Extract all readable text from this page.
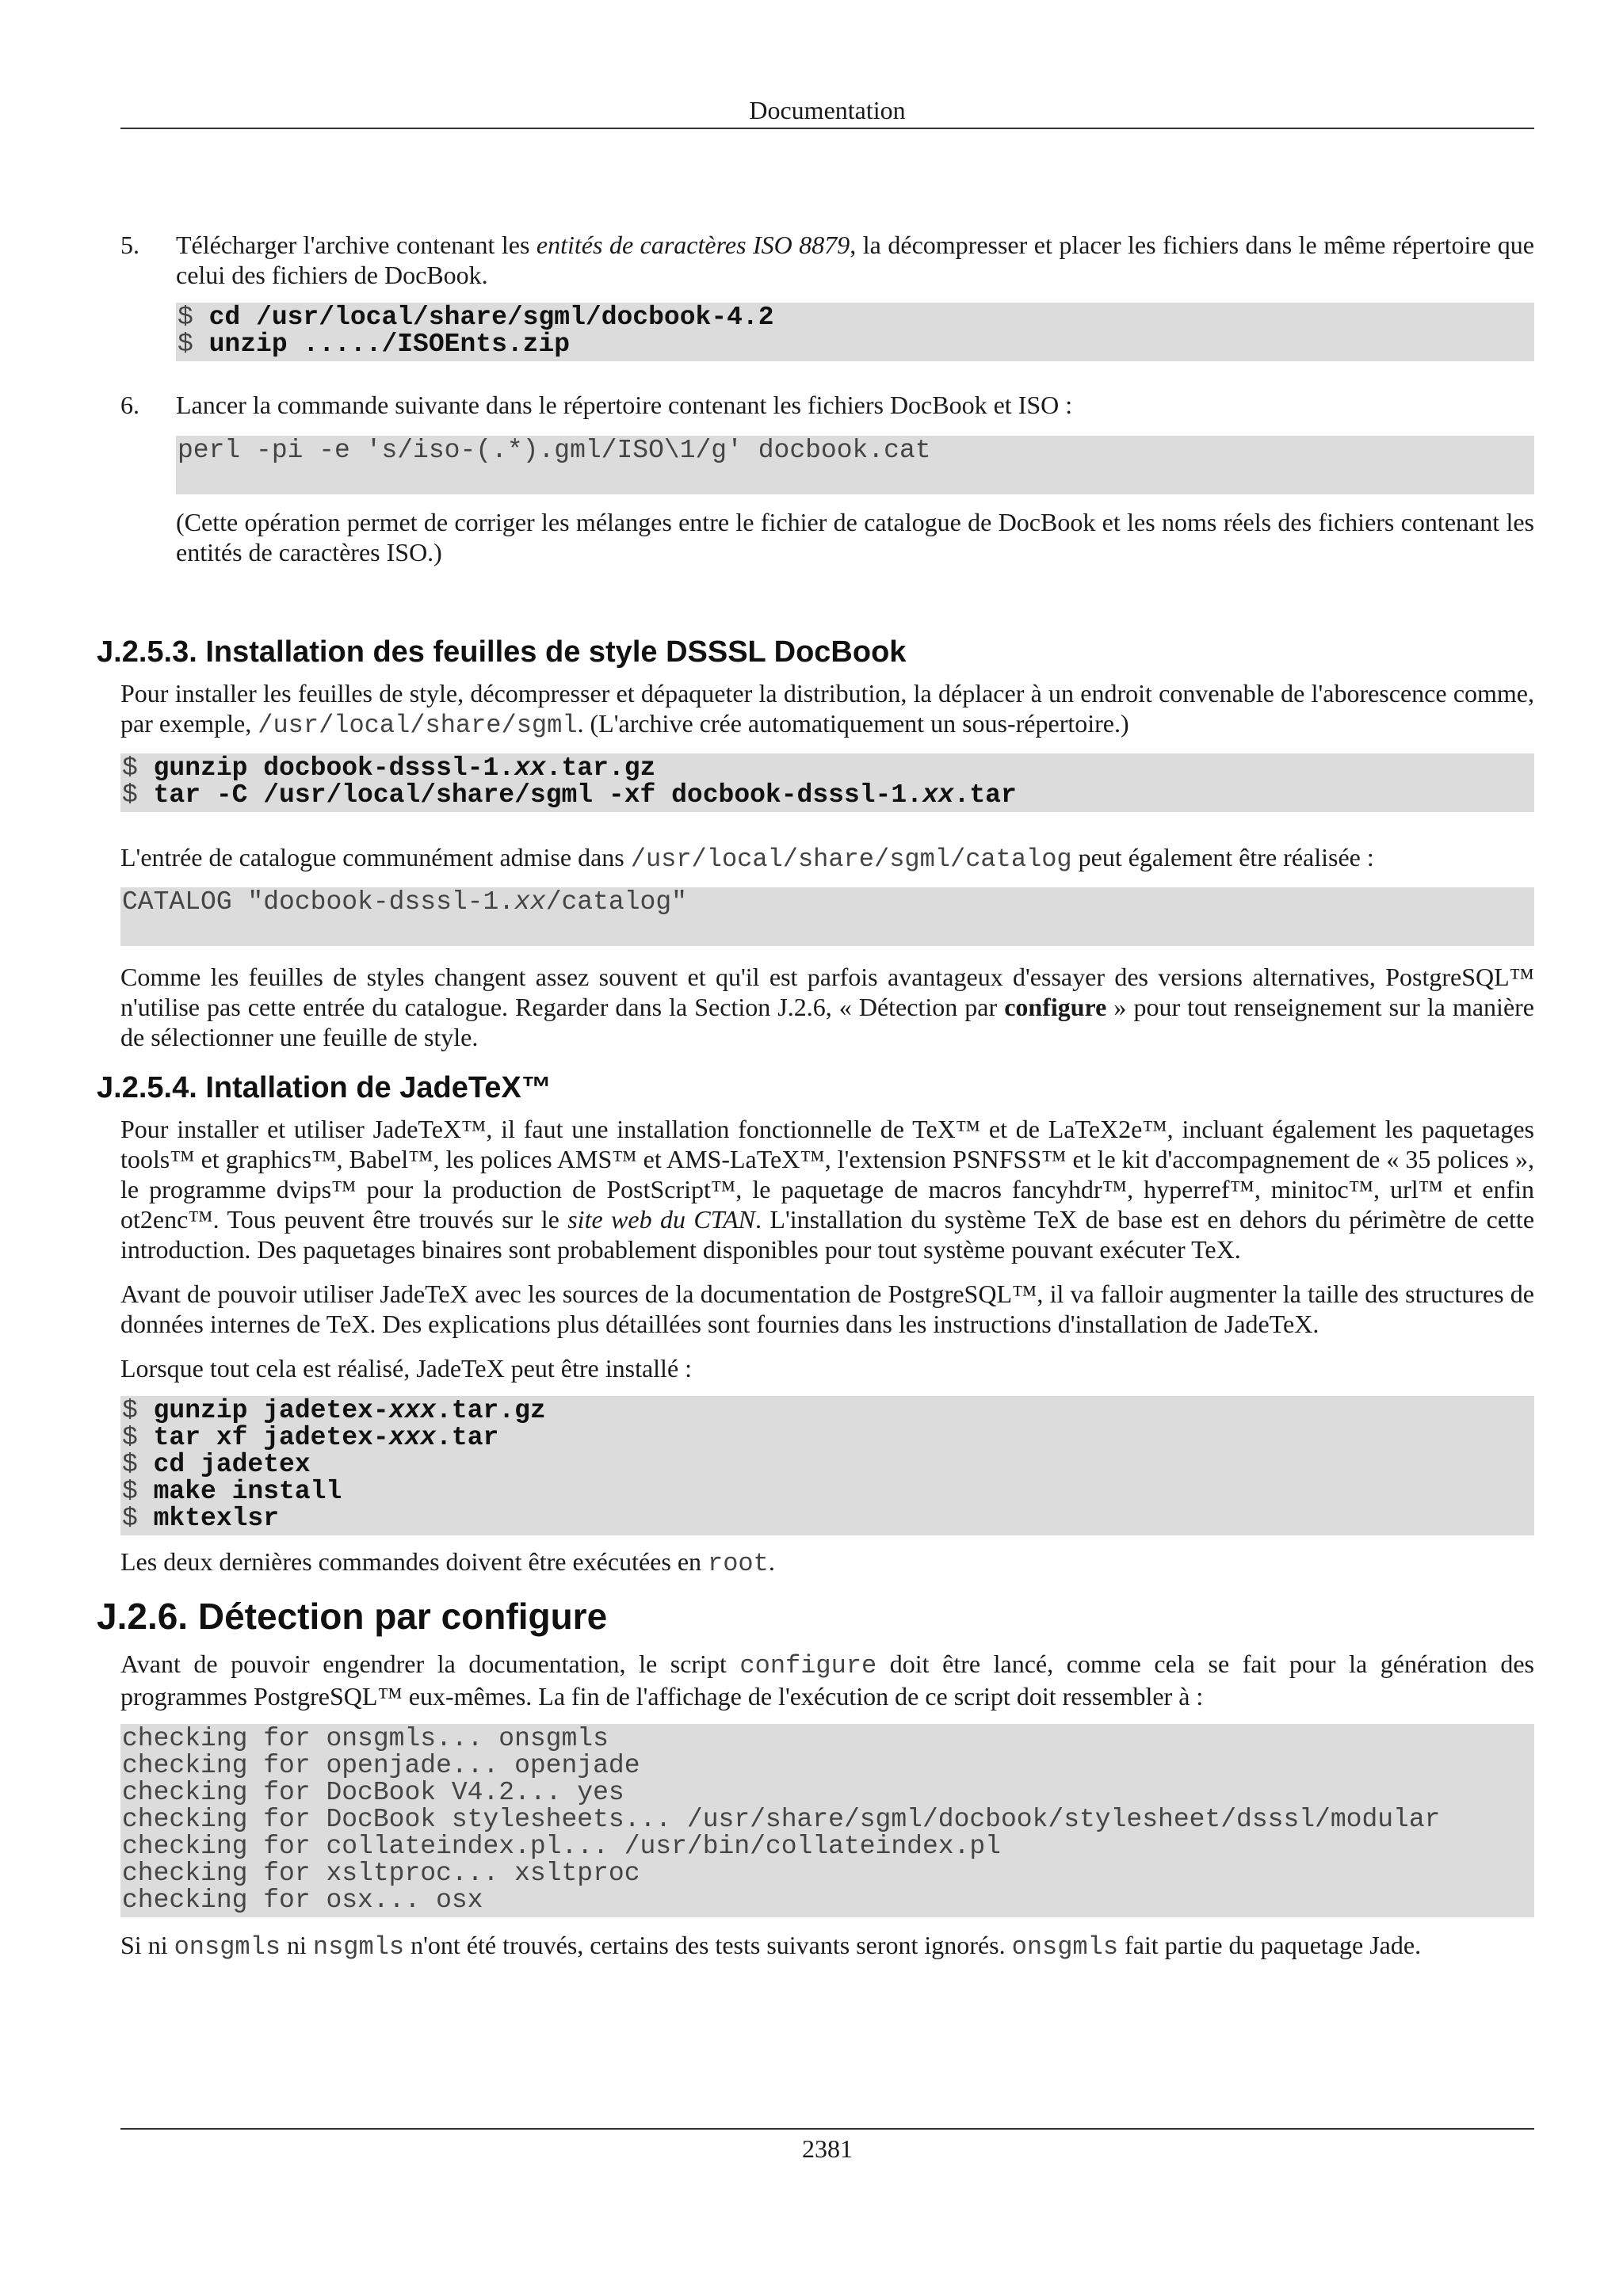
Documentation
5. Télécharger l'archive contenant les entités de caractères ISO 8879, la décompresser et placer les fichiers dans le même répertoire que celui des fichiers de DocBook.

$ cd /usr/local/share/sgml/docbook-4.2
$ unzip ...../ISOEnts.zip
6. Lancer la commande suivante dans le répertoire contenant les fichiers DocBook et ISO :

perl -pi -e 's/iso-(.*).gml/ISO\1/g' docbook.cat

(Cette opération permet de corriger les mélanges entre le fichier de catalogue de DocBook et les noms réels des fichiers contenant les entités de caractères ISO.)

J.2.5.3. Installation des feuilles de style DSSSL DocBook

Pour installer les feuilles de style, décompresser et dépaqueter la distribution, la déplacer à un endroit convenable de l'aborescence comme, par exemple, /usr/local/share/sgml. (L'archive crée automatiquement un sous-répertoire.)

$ gunzip docbook-dsssl-1.xx.tar.gz
$ tar -C /usr/local/share/sgml -xf docbook-dsssl-1.xx.tar

L'entrée de catalogue communément admise dans /usr/local/share/sgml/catalog peut également être réalisée :

CATALOG "docbook-dsssl-1.xx/catalog"

Comme les feuilles de styles changent assez souvent et qu'il est parfois avantageux d'essayer des versions alternatives, PostgreSQL™ n'utilise pas cette entrée du catalogue. Regarder dans la Section J.2.6, « Détection par configure » pour tout renseignement sur la manière de sélectionner une feuille de style.

J.2.5.4. Intallation de JadeTeX™

Pour installer et utiliser JadeTeX™, il faut une installation fonctionnelle de TeX™ et de LaTeX2e™, incluant également les paquetages tools™ et graphics™, Babel™, les polices AMS™ et AMS-LaTeX™, l'extension PSNFSS™ et le kit d'accompagnement de « 35 polices », le programme dvips™ pour la production de PostScript™, le paquetage de macros fancyhdr™, hyperref™, minitoc™, url™ et enfin ot2enc™. Tous peuvent être trouvés sur le site web du CTAN. L'installation du système TeX de base est en dehors du périmètre de cette introduction. Des paquetages binaires sont probablement disponibles pour tout système pouvant exécuter TeX.

Avant de pouvoir utiliser JadeTeX avec les sources de la documentation de PostgreSQL™, il va falloir augmenter la taille des structures de données internes de TeX. Des explications plus détaillées sont fournies dans les instructions d'installation de JadeTeX.

Lorsque tout cela est réalisé, JadeTeX peut être installé :

$ gunzip jadetex-xxx.tar.gz
$ tar xf jadetex-xxx.tar
$ cd jadetex
$ make install
$ mktexlsr

Les deux dernières commandes doivent être exécutées en root.

J.2.6. Détection par configure

Avant de pouvoir engendrer la documentation, le script configure doit être lancé, comme cela se fait pour la génération des programmes PostgreSQL™ eux-mêmes. La fin de l'affichage de l'exécution de ce script doit ressembler à :

checking for onsgmls... onsgmls
checking for openjade... openjade
checking for DocBook V4.2... yes
checking for DocBook stylesheets... /usr/share/sgml/docbook/stylesheet/dsssl/modular
checking for collateindex.pl... /usr/bin/collateindex.pl
checking for xsltproc... xsltproc
checking for osx... osx

Si ni onsgmls ni nsgmls n'ont été trouvés, certains des tests suivants seront ignorés. onsgmls fait partie du paquetage Jade.

2381
